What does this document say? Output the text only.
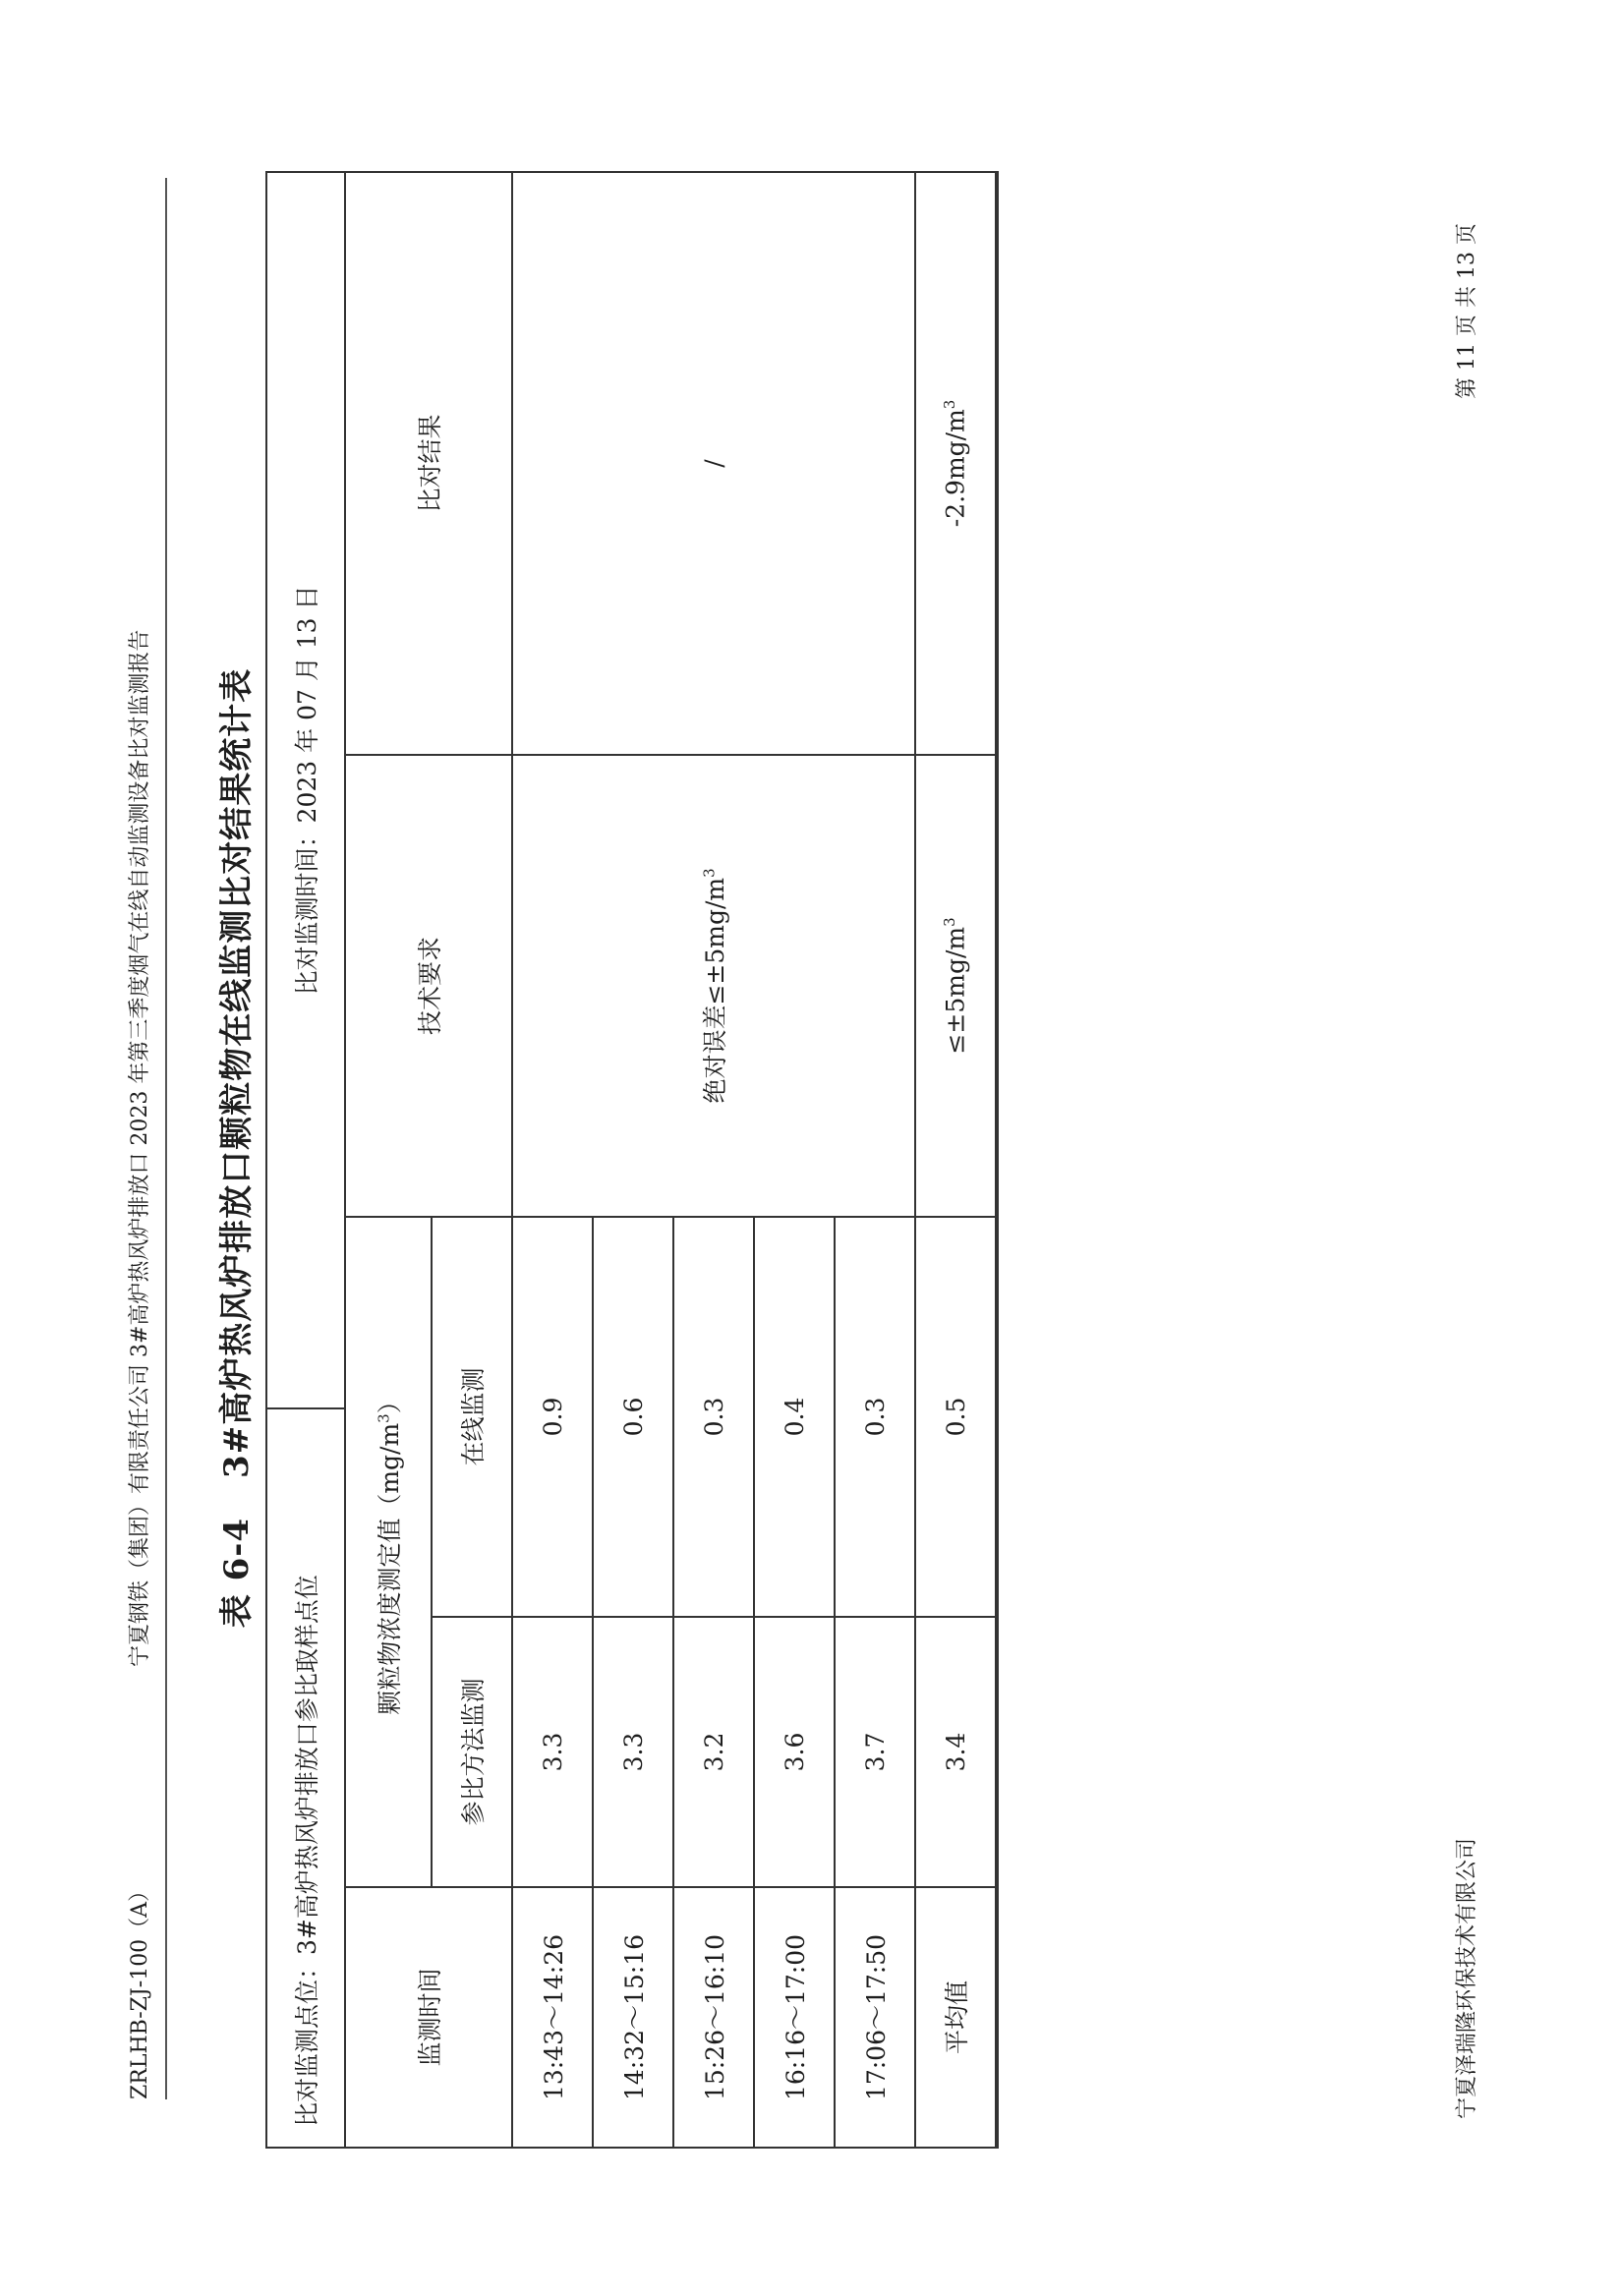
ZRLHB-ZJ-100（A）
宁夏钢铁（集团）有限责任公司 3#高炉热风炉排放口 2023 年第三季度烟气在线自动监测设备比对监测报告 表 6-43#高炉热风炉排放口颗粒物在线监测比对结果统计表
比对监测点位：3#高炉热风炉排放口参比取样点位			比对监测时间：2023 年 07 月 13 日		
监测时间	颗粒物浓度测定值$(mg/m^3)$			技术要求	比对结果
	参比方法监测	在线监测			
13:43～14:26	3.3	0.9		绝对误差$\le\pm 5mg/m^3$	/
14:32～15:16	3.3	0.6			
15:26～16:10	3.2	0.3			
16:16～17:00	3.6	0.4			
17:06～17:50	3.7	0.3			
平均值	3.4	0.5		$\le\pm 5mg/m^3$	$-2.9mg/m^3$
宁夏泽瑞隆环保技术有限公司
第 11 页 共 13 页
